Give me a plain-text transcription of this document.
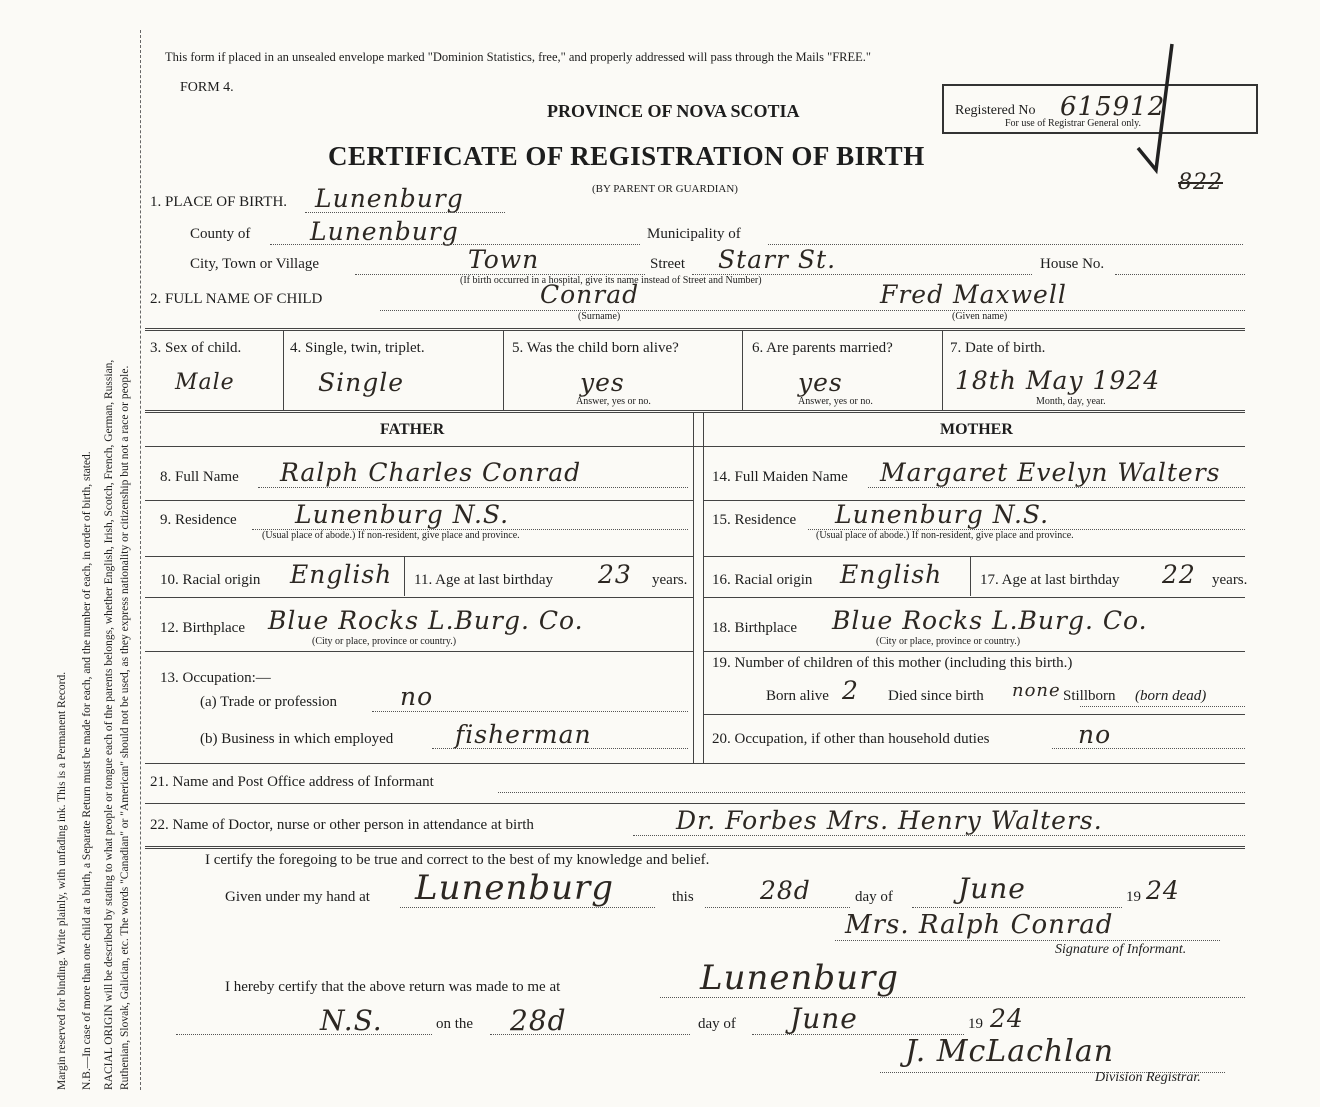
Margin reserved for binding. Write plainly, with unfading ink. This is a Permanent Record. N.B.—In case of more than one child at a birth, a Separate Return must be made for each, and the number of each, in order of birth, stated. RACIAL ORIGIN will be described by stating to what people or tongue each of the parents belongs, whether English, Irish, Scotch, French, German, Russian, Ruthenian, Slovak, Galician, etc. The words "Canadian" or "American" should not be used, as they express nationality or citizenship but not a race or people.
This form if placed in an unsealed envelope marked "Dominion Statistics, free," and properly addressed will pass through the Mails "FREE."
FORM 4.
PROVINCE OF NOVA SCOTIA	Registered No 615912
For use of Registrar General only.
CERTIFICATE OF REGISTRATION OF BIRTH
(BY PARENT OR GUARDIAN)	822
1. PLACE OF BIRTH. Lunenburg
County of Lunenburg	Municipality of
City, Town or Village	Town	Street Starr St.	House No.
(If birth occurred in a hospital, give its name instead of Street and Number)
2. FULL NAME OF CHILD	Conrad	Fred Maxwell
(Surname)	(Given name)
3. Sex of child.
Male
4. Single, twin, triplet.
Single
5. Was the child born alive?
yes
Answer, yes or no.
6. Are parents married?
yes
Answer, yes or no.
7. Date of birth.
18th May 1924
Month, day, year.
FATHER	MOTHER
8. Full Name Ralph Charles Conrad
9. Residence Lunenburg N.S.
(Usual place of abode.) If non-resident, give place and province.
10. Racial origin English 11. Age at last birthday 23 years.
12. Birthplace Blue Rocks L.Burg. Co.
(City or place, province or country.)
13. Occupation:—
(a) Trade or profession	no
(b) Business in which employed fisherman
14. Full Maiden Name Margaret Evelyn Walters
15. Residence Lunenburg N.S.
(Usual place of abode.) If non-resident, give place and province.
16. Racial origin English	17. Age at last birthday 22 years.
18. Birthplace Blue Rocks L.Burg. Co.
(City or place, province or country.)
19. Number of children of this mother (including this birth.)
Born alive 2 Died since birth none Stillborn (born dead)
20. Occupation, if other than household duties	no
21. Name and Post Office address of Informant
22. Name of Doctor, nurse or other person in attendance at birth	Dr. Forbes Mrs. Henry Walters.
I certify the foregoing to be true and correct to the best of my knowledge and belief.
Given under my hand at Lunenburg	this	28d	day of June	19 24
Mrs. Ralph Conrad
Signature of Informant.
I hereby certify that the above return was made to me at	Lunenburg
N.S.	on the 28d	day of June	19 24
J. McLachlan
Division Registrar.
